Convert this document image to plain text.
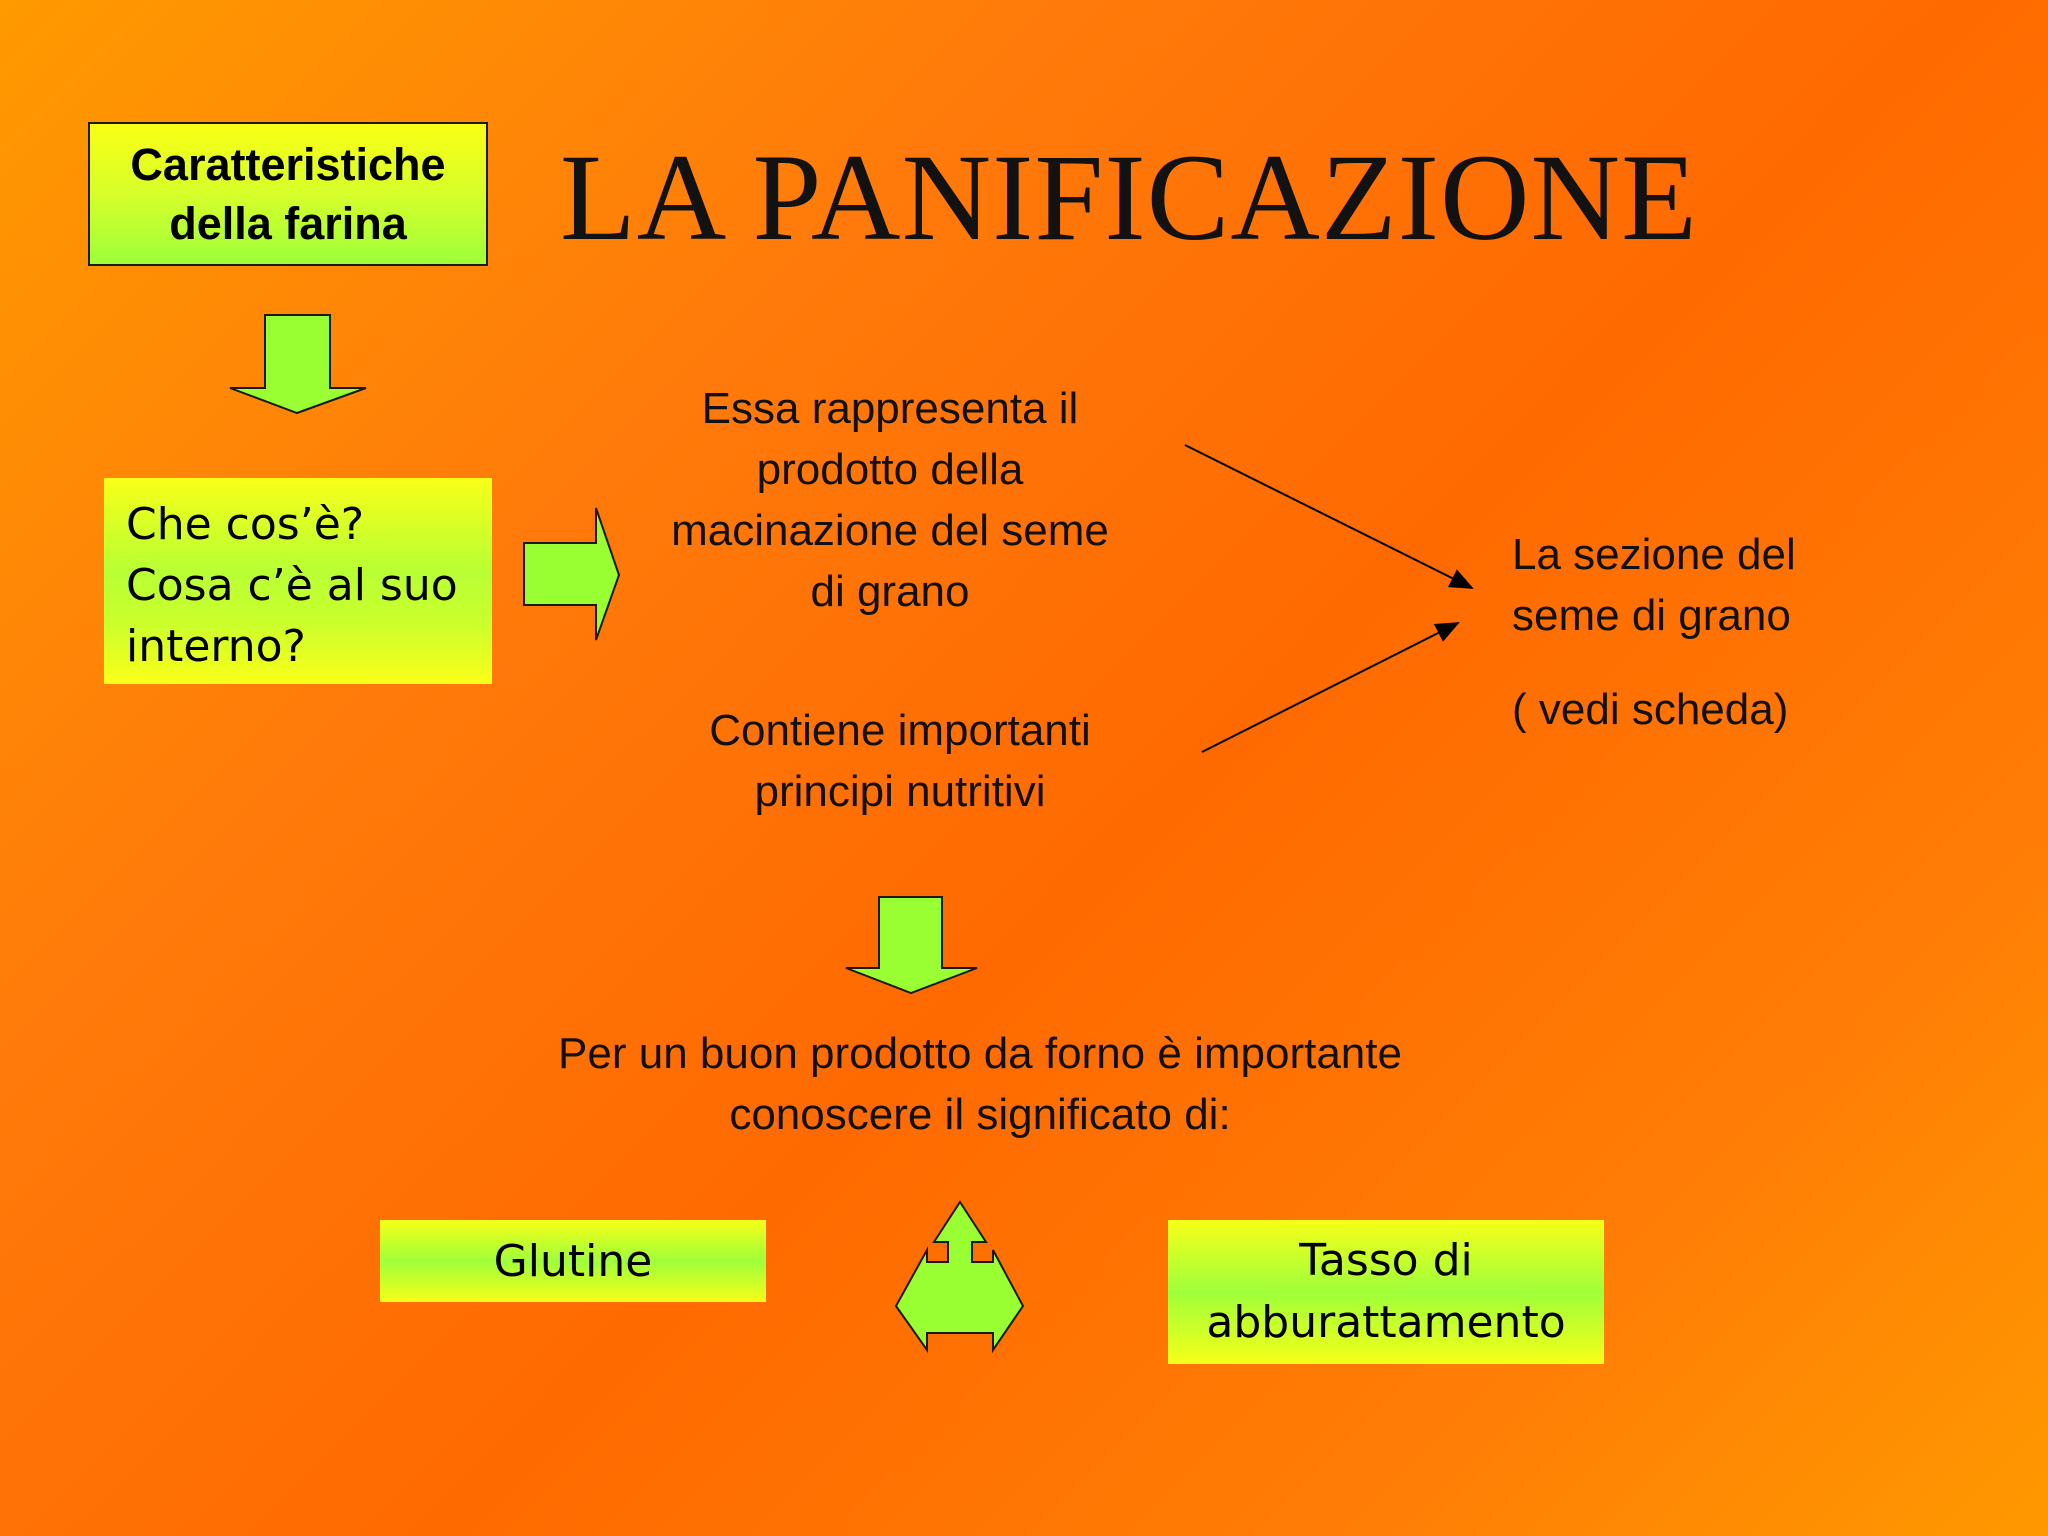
LA PANIFICAZIONE
Caratteristiche
della farina
Che cos’è?
Cosa c’è al suo
interno?
Essa rappresenta il
prodotto della
macinazione del seme
di grano
Contiene importanti
principi nutritivi
La sezione del
seme di grano
( vedi scheda)
Per un buon prodotto da forno è importante
conoscere il significato di:
Glutine	Tasso di
abburattamento
